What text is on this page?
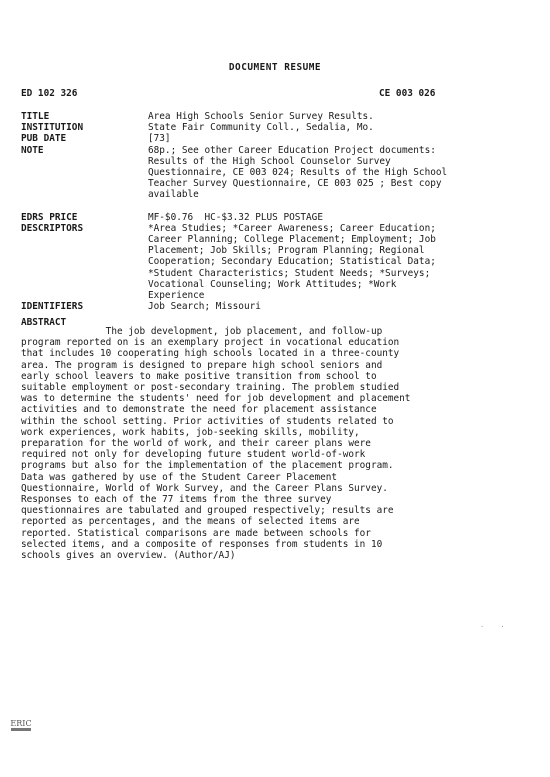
DOCUMENT RESUME
ED 102 326	CE 003 026
TITLE	Area High Schools Senior Survey Results.
INSTITUTION	State Fair Community Coll., Sedalia, Mo.
PUB DATE	[73]
NOTE	68p.; See other Career Education Project documents:
Results of the High School Counselor Survey
Questionnaire, CE 003 024; Results of the High School
Teacher Survey Questionnaire, CE 003 025 ; Best copy
available
EDRS PRICE	MF-$0.76  HC-$3.32 PLUS POSTAGE
DESCRIPTORS	*Area Studies; *Career Awareness; Career Education;
Career Planning; College Placement; Employment; Job
Placement; Job Skills; Program Planning; Regional
Cooperation; Secondary Education; Statistical Data;
*Student Characteristics; Student Needs; *Surveys;
Vocational Counseling; Work Attitudes; *Work
Experience
IDENTIFIERS	Job Search; Missouri
ABSTRACT
The job development, job placement, and follow-up
program reported on is an exemplary project in vocational education
that includes 10 cooperating high schools located in a three-county
area. The program is designed to prepare high school seniors and
early school leavers to make positive transition from school to
suitable employment or post-secondary training. The problem studied
was to determine the students' need for job development and placement
activities and to demonstrate the need for placement assistance
within the school setting. Prior activities of students related to
work experiences, work habits, job-seeking skills, mobility,
preparation for the world of work, and their career plans were
required not only for developing future student world-of-work
programs but also for the implementation of the placement program.
Data was gathered by use of the Student Career Placement
Questionnaire, World of Work Survey, and the Career Plans Survey.
Responses to each of the 77 items from the three survey
questionnaires are tabulated and grouped respectively; results are
reported as percentages, and the means of selected items are
reported. Statistical comparisons are made between schools for
selected items, and a composite of responses from students in 10
schools gives an overview. (Author/AJ)
· ·
ERIC
